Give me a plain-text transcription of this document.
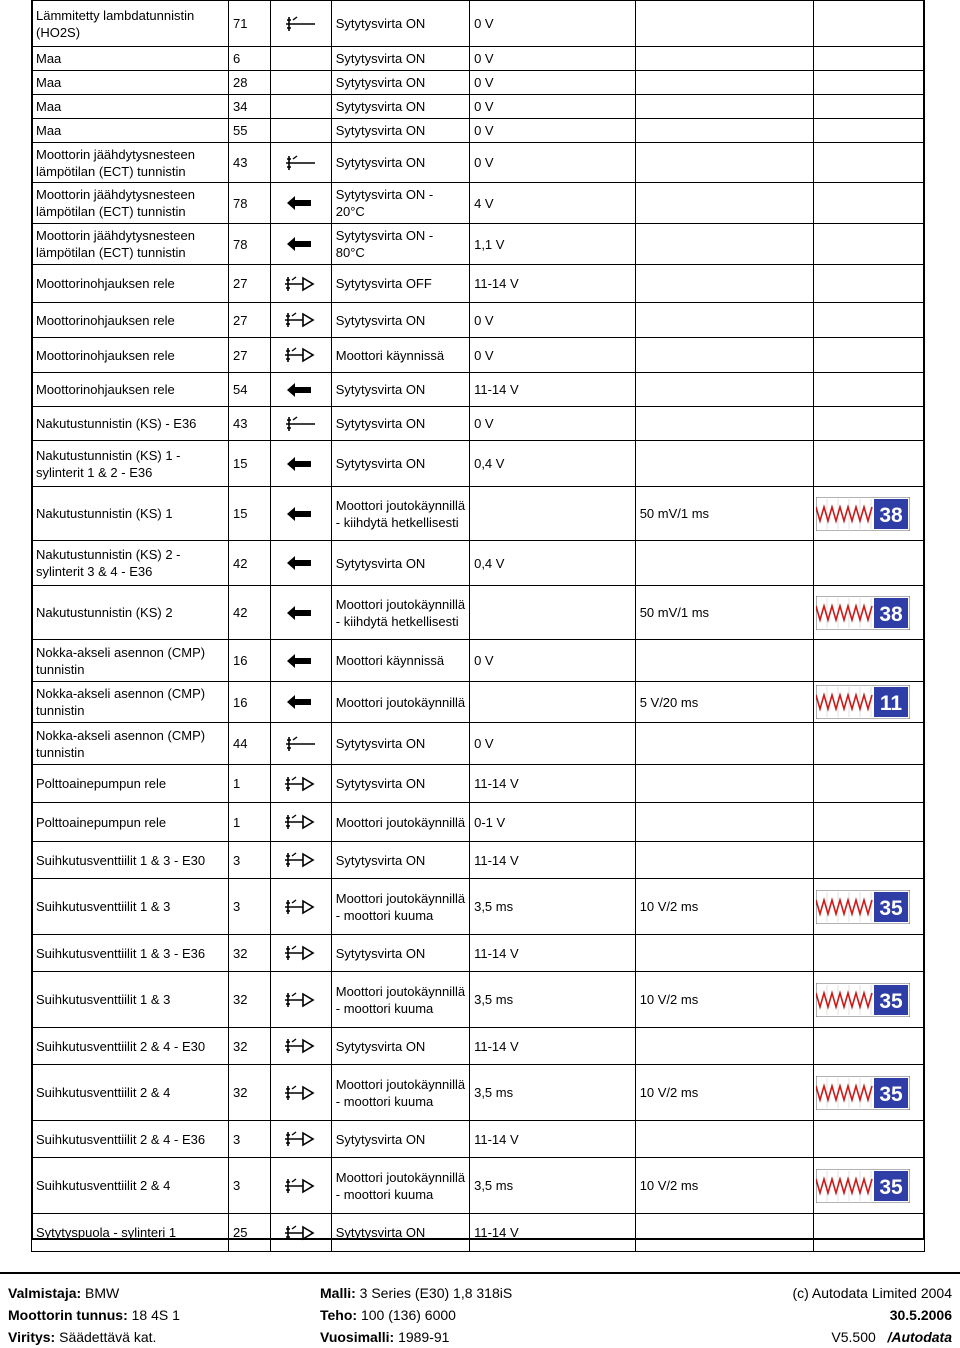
Lämmitetty lambdatunnistin (HO2S)	71		Sytytysvirta ON	0 V		
Maa	6		Sytytysvirta ON	0 V		
Maa	28		Sytytysvirta ON	0 V		
Maa	34		Sytytysvirta ON	0 V		
Maa	55		Sytytysvirta ON	0 V		
Moottorin jäähdytysnesteen lämpötilan (ECT) tunnistin	43		Sytytysvirta ON	0 V		
Moottorin jäähdytysnesteen lämpötilan (ECT) tunnistin	78		Sytytysvirta ON - 20°C	4 V		
Moottorin jäähdytysnesteen lämpötilan (ECT) tunnistin	78		Sytytysvirta ON - 80°C	1,1 V		
Moottorinohjauksen rele	27		Sytytysvirta OFF	11-14 V		
Moottorinohjauksen rele	27		Sytytysvirta ON	0 V		
Moottorinohjauksen rele	27		Moottori käynnissä	0 V		
Moottorinohjauksen rele	54		Sytytysvirta ON	11-14 V		
Nakutustunnistin (KS) - E36	43		Sytytysvirta ON	0 V		
Nakutustunnistin (KS) 1 - sylinterit 1 & 2 - E36	15		Sytytysvirta ON	0,4 V		
Nakutustunnistin (KS) 1	15		Moottori joutokäynnillä - kiihdytä hetkellisesti		50 mV/1 ms	38

Nakutustunnistin (KS) 2 - sylinterit 3 & 4 - E36	42		Sytytysvirta ON	0,4 V		
Nakutustunnistin (KS) 2	42		Moottori joutokäynnillä - kiihdytä hetkellisesti		50 mV/1 ms	38

Nokka-akseli asennon (CMP) tunnistin	16		Moottori käynnissä	0 V		
Nokka-akseli asennon (CMP) tunnistin	16		Moottori joutokäynnillä		5 V/20 ms	11

Nokka-akseli asennon (CMP) tunnistin	44		Sytytysvirta ON	0 V		
Polttoainepumpun rele	1		Sytytysvirta ON	11-14 V		
Polttoainepumpun rele	1		Moottori joutokäynnillä	0-1 V		
Suihkutusventtiilit 1 & 3 - E30	3		Sytytysvirta ON	11-14 V		
Suihkutusventtiilit 1 & 3	3		Moottori joutokäynnillä - moottori kuuma	3,5 ms	10 V/2 ms	35

Suihkutusventtiilit 1 & 3 - E36	32		Sytytysvirta ON	11-14 V		
Suihkutusventtiilit 1 & 3	32		Moottori joutokäynnillä - moottori kuuma	3,5 ms	10 V/2 ms	35

Suihkutusventtiilit 2 & 4 - E30	32		Sytytysvirta ON	11-14 V		
Suihkutusventtiilit 2 & 4	32		Moottori joutokäynnillä - moottori kuuma	3,5 ms	10 V/2 ms	35

Suihkutusventtiilit 2 & 4 - E36	3		Sytytysvirta ON	11-14 V		
Suihkutusventtiilit 2 & 4	3		Moottori joutokäynnillä - moottori kuuma	3,5 ms	10 V/2 ms	35

Sytytyspuola - sylinteri 1	25		Sytytysvirta ON	11-14 V		
Valmistaja: BMW	Malli: 3 Series (E30) 1,8 318iS	(c) Autodata Limited 2004
Moottorin tunnus: 18 4S 1	Teho: 100 (136) 6000	30.5.2006
Viritys: Säädettävä kat.	Vuosimalli: 1989-91	V5.500 /Autodata
